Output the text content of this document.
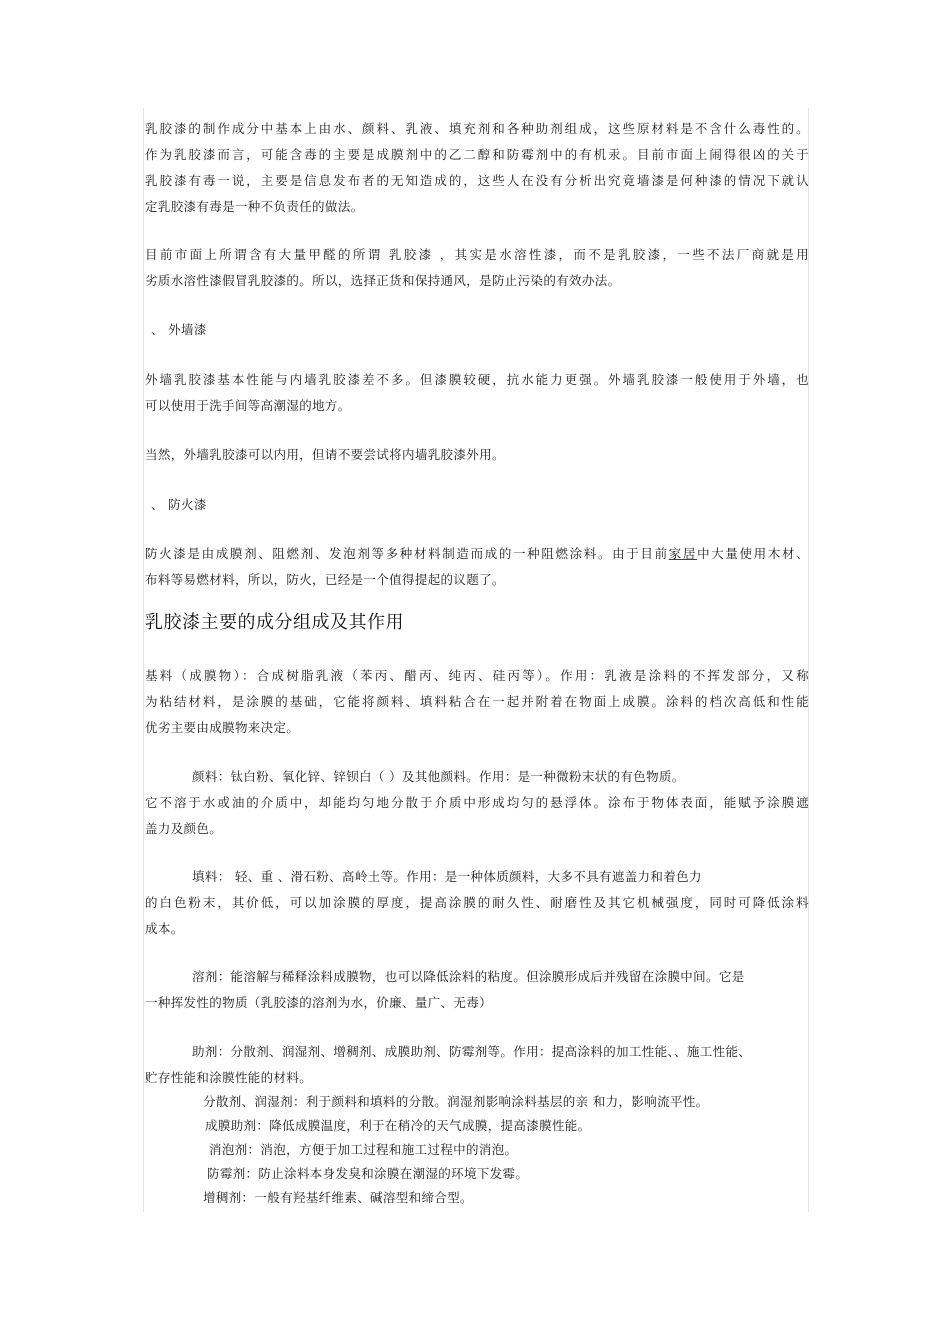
乳胶漆的制作成分中基本上由水、颜料、乳液、填充剂和各种助剂组成，这些原材料是不含什么毒性的。
作为乳胶漆而言，可能含毒的主要是成膜剂中的乙二醇和防霉剂中的有机汞。目前市面上闹得很凶的关于
乳胶漆有毒一说，主要是信息发布者的无知造成的，这些人在没有分析出究竟墙漆是何种漆的情况下就认
定乳胶漆有毒是一种不负责任的做法。
目前市面上所谓含有大量甲醛的所谓 乳胶漆 ，其实是水溶性漆，而不是乳胶漆，一些不法厂商就是用
劣质水溶性漆假冒乳胶漆的。所以，选择正货和保持通风，是防止污染的有效办法。
、 外墙漆
外墙乳胶漆基本性能与内墙乳胶漆差不多。但漆膜较硬，抗水能力更强。外墙乳胶漆一般使用于外墙，也
可以使用于洗手间等高潮湿的地方。
当然，外墙乳胶漆可以内用，但请不要尝试将内墙乳胶漆外用。
、 防火漆
防火漆是由成膜剂、阻燃剂、发泡剂等多种材料制造而成的一种阻燃涂料。由于目前家居中大量使用木材、
布料等易燃材料，所以，防火，已经是一个值得提起的议题了。
乳胶漆主要的成分组成及其作用
基料（成膜物）：合成树脂乳液（苯丙、醋丙、纯丙、硅丙等）。作用：乳液是涂料的不挥发部分，又称
为粘结材料，是涂膜的基础，它能将颜料、填料粘合在一起并附着在物面上成膜。涂料的档次高低和性能
优劣主要由成膜物来决定。
颜料：钛白粉、氧化锌、锌钡白（ ）及其他颜料。作用：是一种微粉末状的有色物质。
它不溶于水或油的介质中，却能均匀地分散于介质中形成均匀的悬浮体。涂布于物体表面，能赋予涂膜遮
盖力及颜色。
填料： 轻、重 、滑石粉、高岭土等。作用：是一种体质颜料，大多不具有遮盖力和着色力
的白色粉末，其价低，可以加涂膜的厚度，提高涂膜的耐久性、耐磨性及其它机械强度，同时可降低涂料
成本。
溶剂：能溶解与稀释涂料成膜物，也可以降低涂料的粘度。但涂膜形成后并残留在涂膜中间。它是
一种挥发性的物质（乳胶漆的溶剂为水，价廉、量广、无毒）
助剂：分散剂、润湿剂、增稠剂、成膜助剂、防霉剂等。作用：提高涂料的加工性能、、施工性能、
贮存性能和涂膜性能的材料。
分散剂、润湿剂：利于颜料和填料的分散。润湿剂影响涂料基层的亲 和力，影响流平性。
成膜助剂：降低成膜温度，利于在稍冷的天气成膜，提高漆膜性能。
消泡剂：消泡，方便于加工过程和施工过程中的消泡。
防霉剂：防止涂料本身发臭和涂膜在潮湿的环境下发霉。
增稠剂：一般有羟基纤维素、碱溶型和缔合型。
